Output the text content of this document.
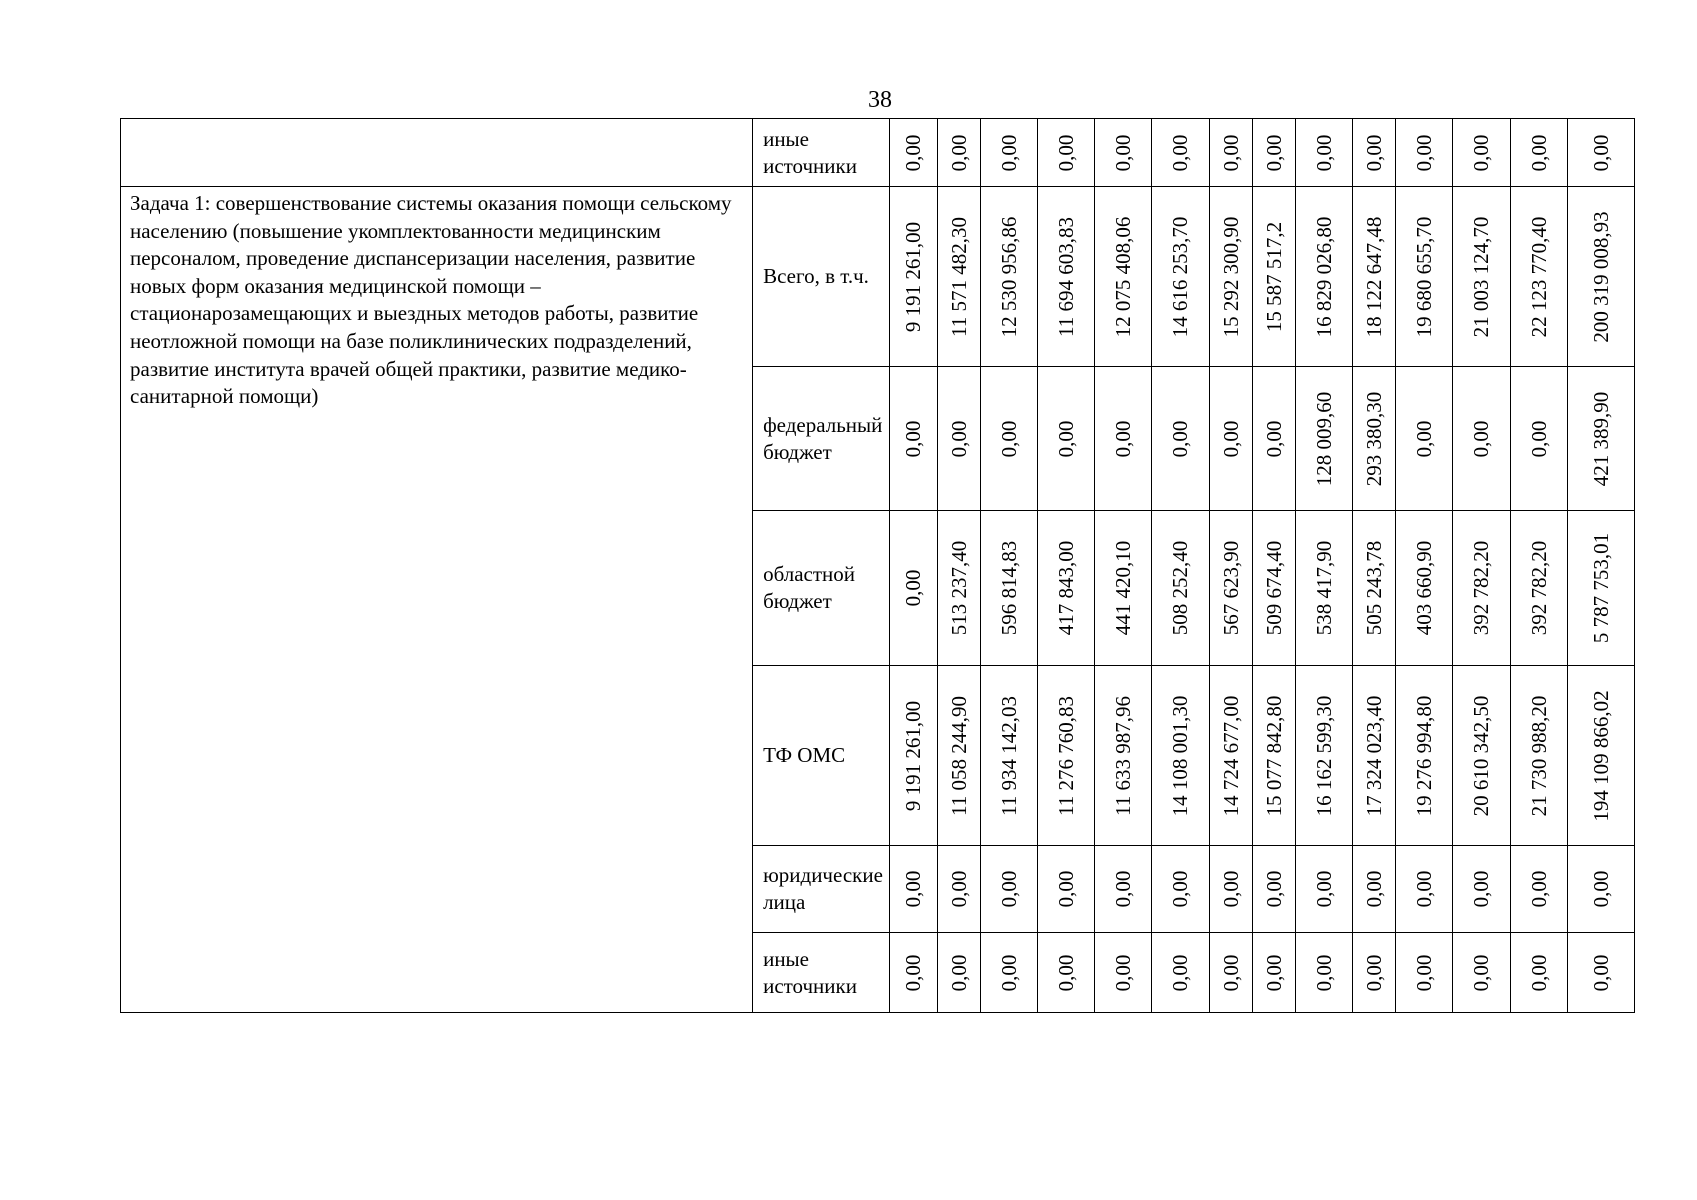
38
	иные источники	0,00	0,00	0,00	0,00	0,00	0,00	0,00	0,00	0,00	0,00	0,00	0,00	0,00	0,00

Задача 1: совершенствование системы оказания помощи сельскому населению (повышение укомплектованности медицинским персоналом, проведение диспансеризации населения, развитие новых форм оказания медицинской помощи – стационарозамещающих и выездных методов работы, развитие неотложной помощи на базе поликлинических подразделений, развитие института врачей общей практики, развитие медико-санитарной помощи)	Всего, в т.ч.	9 191 261,00	11 571 482,30	12 530 956,86	11 694 603,83	12 075 408,06	14 616 253,70	15 292 300,90	15 587 517,2	16 829 026,80	18 122 647,48	19 680 655,70	21 003 124,70	22 123 770,40	200 319 008,93

	федеральный бюджет	0,00	0,00	0,00	0,00	0,00	0,00	0,00	0,00	128 009,60	293 380,30	0,00	0,00	0,00	421 389,90

	областной бюджет	0,00	513 237,40	596 814,83	417 843,00	441 420,10	508 252,40	567 623,90	509 674,40	538 417,90	505 243,78	403 660,90	392 782,20	392 782,20	5 787 753,01

	ТФ ОМС	9 191 261,00	11 058 244,90	11 934 142,03	11 276 760,83	11 633 987,96	14 108 001,30	14 724 677,00	15 077 842,80	16 162 599,30	17 324 023,40	19 276 994,80	20 610 342,50	21 730 988,20	194 109 866,02

	юридические лица	0,00	0,00	0,00	0,00	0,00	0,00	0,00	0,00	0,00	0,00	0,00	0,00	0,00	0,00

	иные источники	0,00	0,00	0,00	0,00	0,00	0,00	0,00	0,00	0,00	0,00	0,00	0,00	0,00	0,00
